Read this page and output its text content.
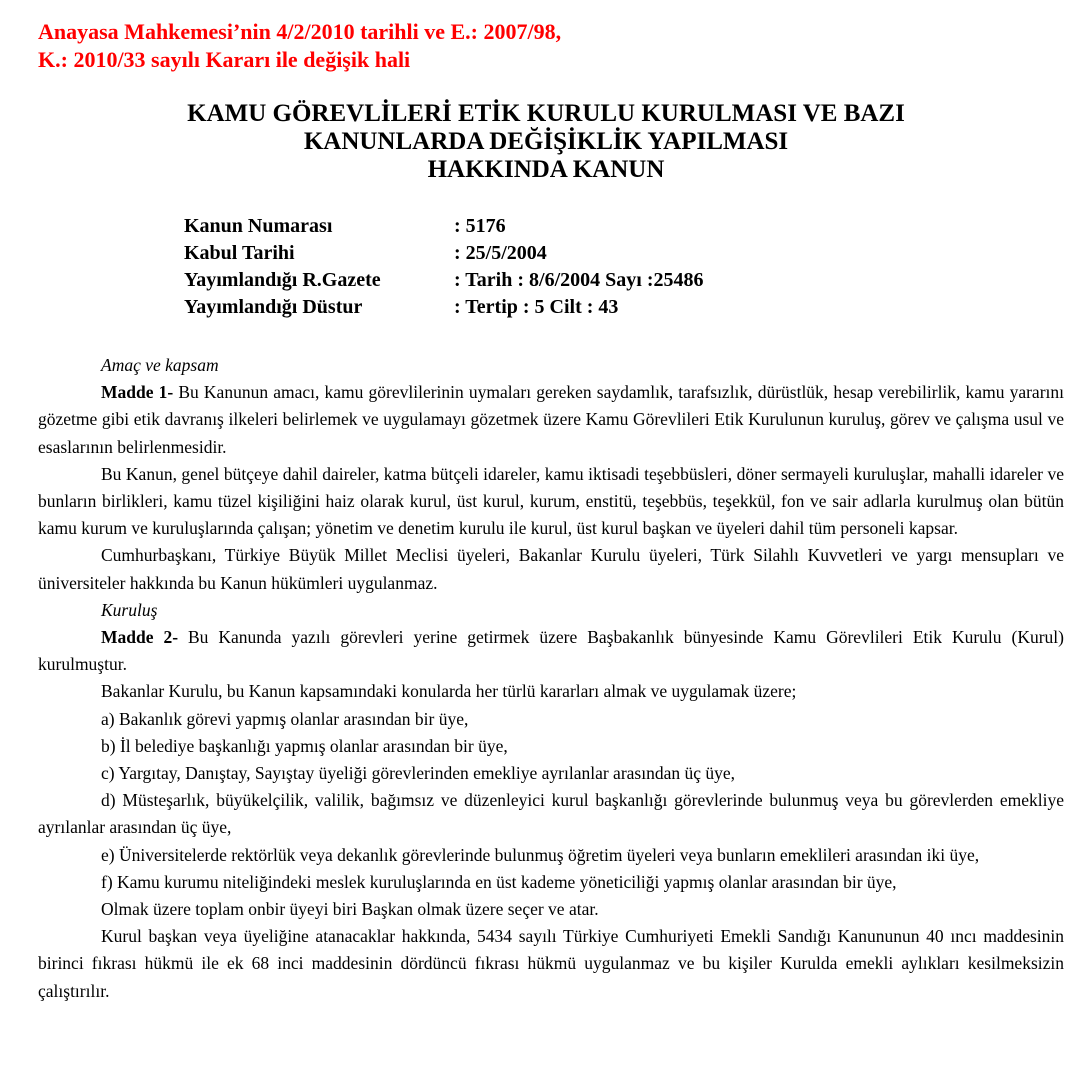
Anayasa Mahkemesi’nin 4/2/2010 tarihli ve E.: 2007/98,
K.: 2010/33 sayılı Kararı ile değişik hali
KAMU GÖREVLİLERİ ETİK KURULU KURULMASI VE BAZI
KANUNLARDA DEĞİŞİKLİK YAPILMASI
HAKKINDA KANUN
Kanun Numarası	: 5176
Kabul Tarihi	: 25/5/2004
Yayımlandığı R.Gazete	: Tarih : 8/6/2004 Sayı :25486
Yayımlandığı Düstur	: Tertip : 5 Cilt : 43

Amaç ve kapsam

Madde 1- Bu Kanunun amacı, kamu görevlilerinin uymaları gereken saydamlık, tarafsızlık, dürüstlük, hesap verebilirlik, kamu yararını gözetme gibi etik davranış ilkeleri belirlemek ve uygulamayı gözetmek üzere Kamu Görevlileri Etik Kurulunun kuruluş, görev ve çalışma usul ve esaslarının belirlenmesidir.

Bu Kanun, genel bütçeye dahil daireler, katma bütçeli idareler, kamu iktisadi teşebbüsleri, döner sermayeli kuruluşlar, mahalli idareler ve bunların birlikleri, kamu tüzel kişiliğini haiz olarak kurul, üst kurul, kurum, enstitü, teşebbüs, teşekkül, fon ve sair adlarla kurulmuş olan bütün kamu kurum ve kuruluşlarında çalışan; yönetim ve denetim kurulu ile kurul, üst kurul başkan ve üyeleri dahil tüm personeli kapsar.

Cumhurbaşkanı, Türkiye Büyük Millet Meclisi üyeleri, Bakanlar Kurulu üyeleri, Türk Silahlı Kuvvetleri ve yargı mensupları ve üniversiteler hakkında bu Kanun hükümleri uygulanmaz.

Kuruluş

Madde 2- Bu Kanunda yazılı görevleri yerine getirmek üzere Başbakanlık bünyesinde Kamu Görevlileri Etik Kurulu (Kurul) kurulmuştur.

Bakanlar Kurulu, bu Kanun kapsamındaki konularda her türlü kararları almak ve uygulamak üzere;

a) Bakanlık görevi yapmış olanlar arasından bir üye,

b) İl belediye başkanlığı yapmış olanlar arasından bir üye,

c) Yargıtay, Danıştay, Sayıştay üyeliği görevlerinden emekliye ayrılanlar arasından üç üye,

d) Müsteşarlık, büyükelçilik, valilik, bağımsız ve düzenleyici kurul başkanlığı görevlerinde bulunmuş veya bu görevlerden emekliye ayrılanlar arasından üç üye,

e) Üniversitelerde rektörlük veya dekanlık görevlerinde bulunmuş öğretim üyeleri veya bunların emeklileri arasından iki üye,

f) Kamu kurumu niteliğindeki meslek kuruluşlarında en üst kademe yöneticiliği yapmış olanlar arasından bir üye,

Olmak üzere toplam onbir üyeyi biri Başkan olmak üzere seçer ve atar.

Kurul başkan veya üyeliğine atanacaklar hakkında, 5434 sayılı Türkiye Cumhuriyeti Emekli Sandığı Kanununun 40 ıncı maddesinin birinci fıkrası hükmü ile ek 68 inci maddesinin dördüncü fıkrası hükmü uygulanmaz ve bu kişiler Kurulda emekli aylıkları kesilmeksizin çalıştırılır.
